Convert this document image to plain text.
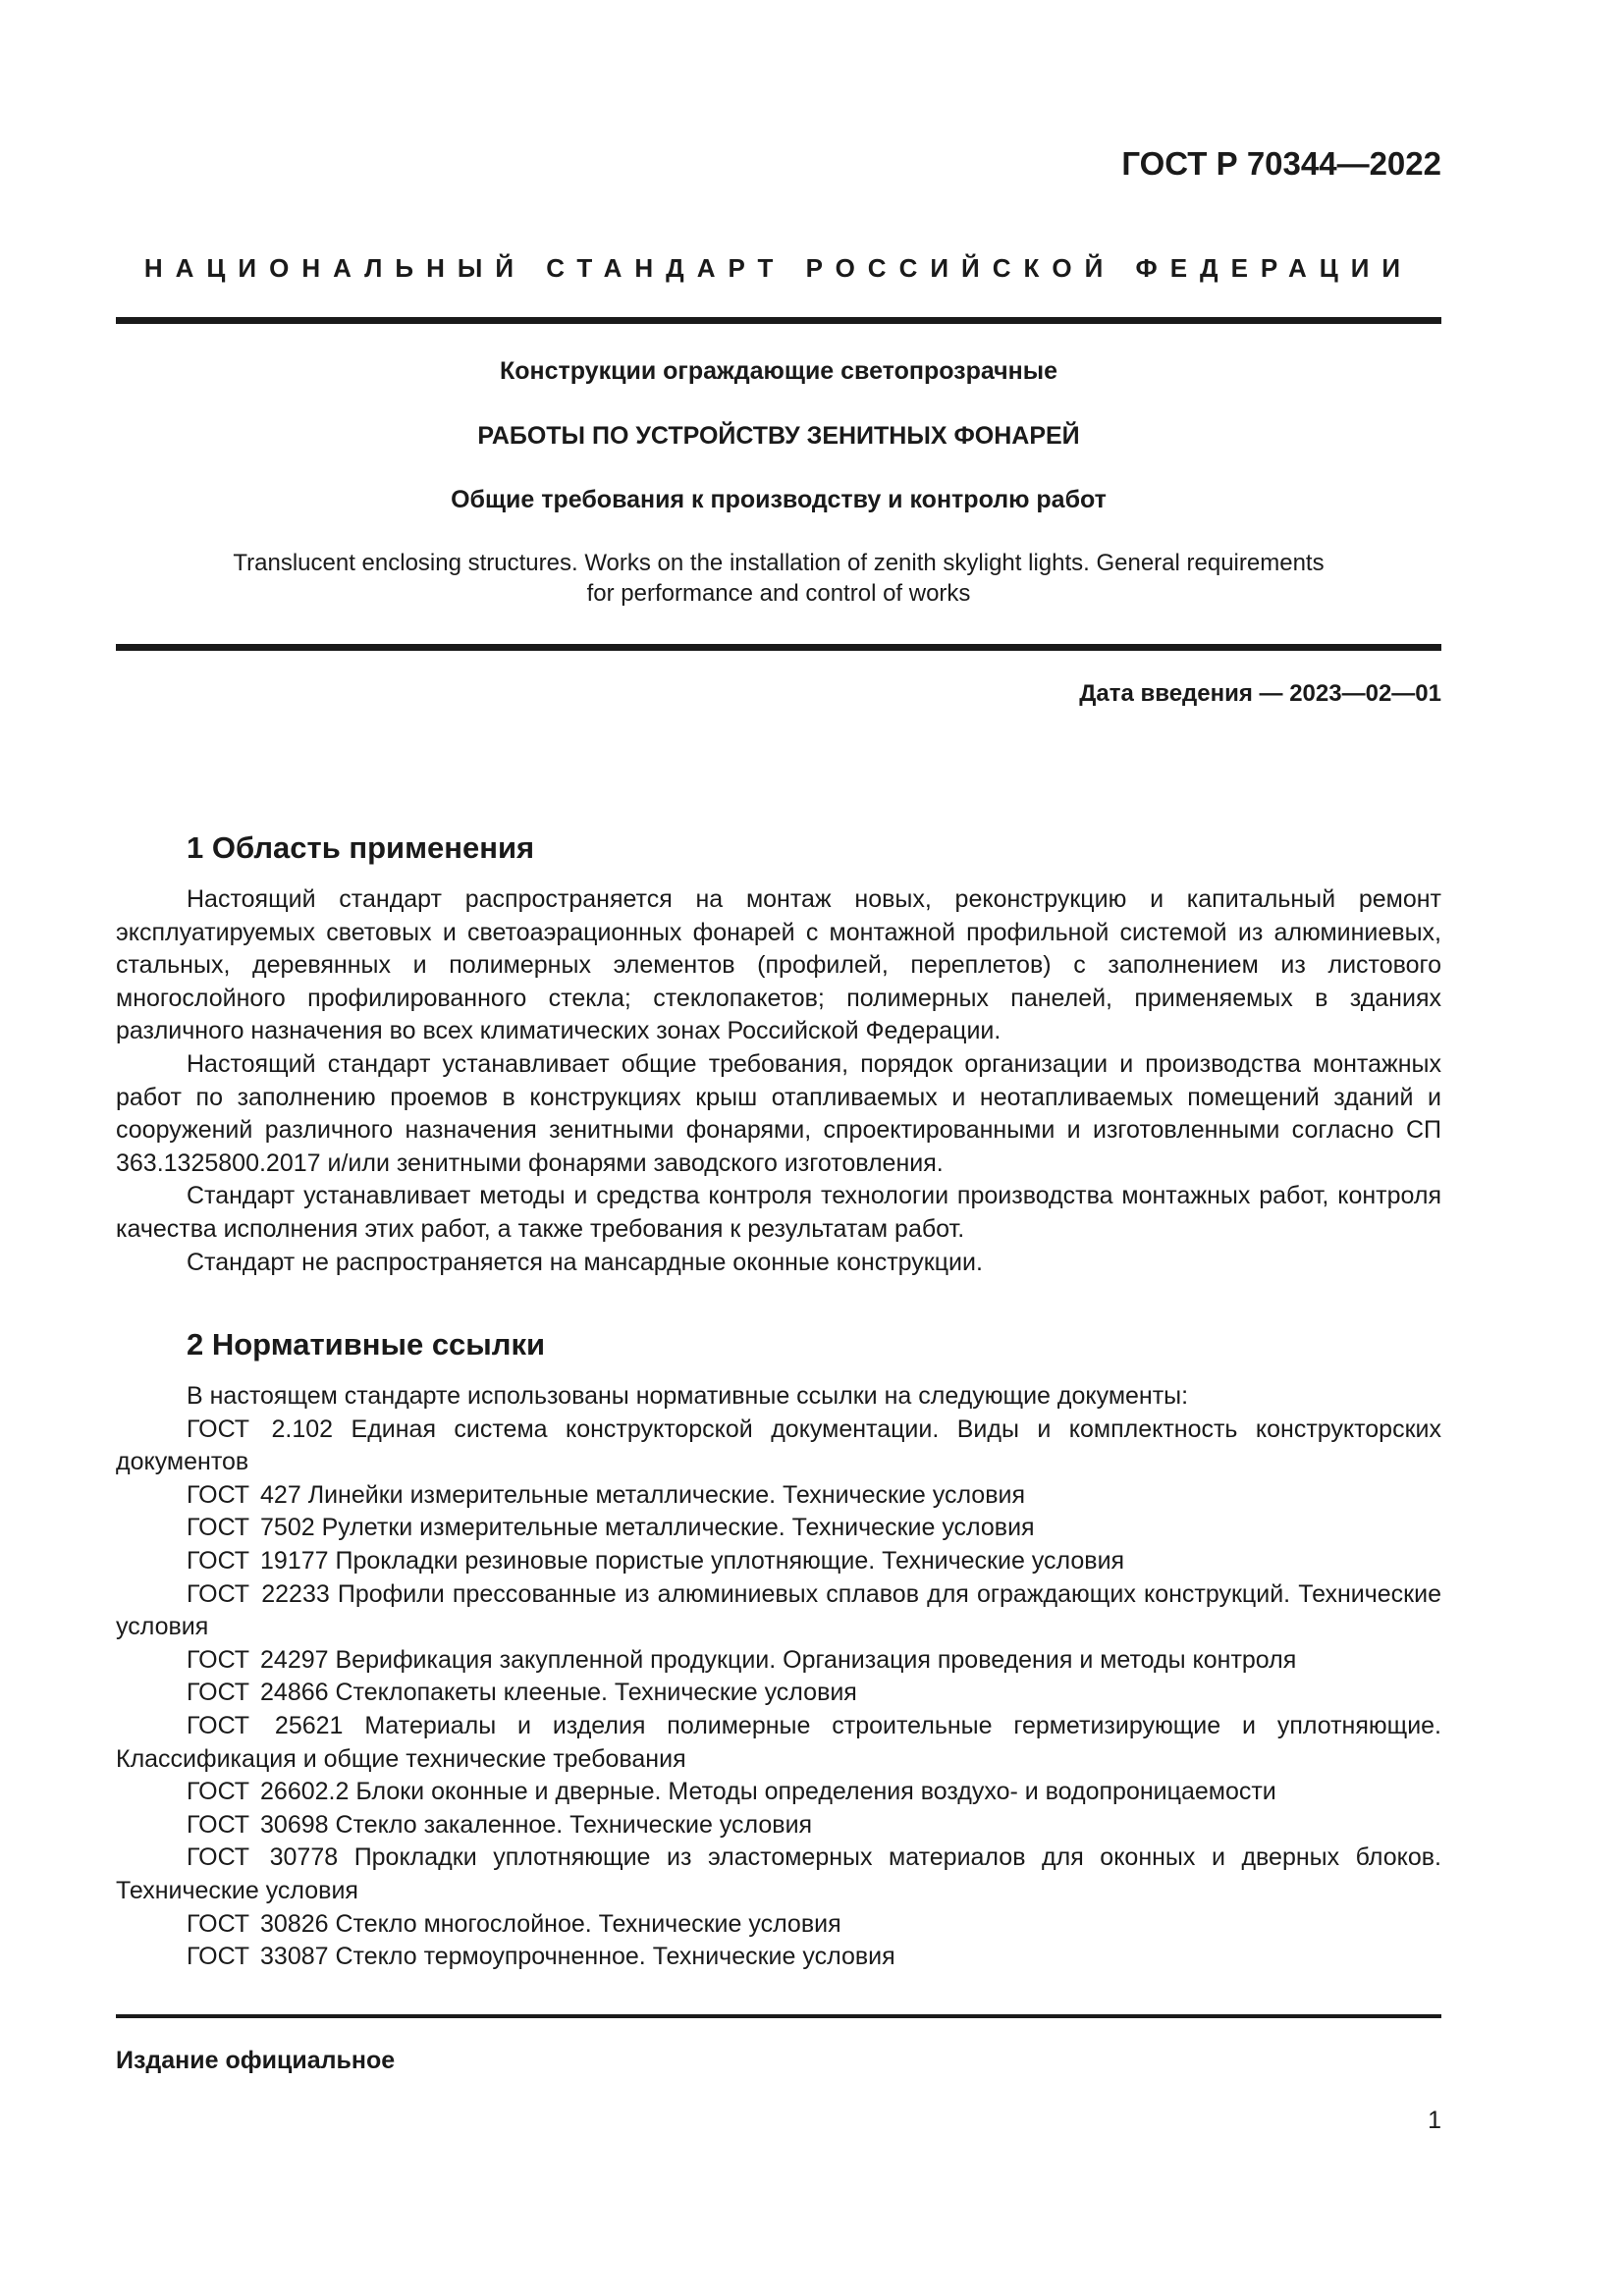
ГОСТ Р 70344—2022
НАЦИОНАЛЬНЫЙ СТАНДАРТ РОССИЙСКОЙ ФЕДЕРАЦИИ
Конструкции ограждающие светопрозрачные
РАБОТЫ ПО УСТРОЙСТВУ ЗЕНИТНЫХ ФОНАРЕЙ
Общие требования к производству и контролю работ
Translucent enclosing structures. Works on the installation of zenith skylight lights. General requirements
for performance and control of works
Дата введения — 2023—02—01
1 Область применения

Настоящий стандарт распространяется на монтаж новых, реконструкцию и капитальный ремонт эксплуатируемых световых и светоаэрационных фонарей с монтажной профильной системой из алюминиевых, стальных, деревянных и полимерных элементов (профилей, переплетов) с заполнением из листового многослойного профилированного стекла; стеклопакетов; полимерных панелей, применяемых в зданиях различного назначения во всех климатических зонах Российской Федерации.

Настоящий стандарт устанавливает общие требования, порядок организации и производства монтажных работ по заполнению проемов в конструкциях крыш отапливаемых и неотапливаемых помещений зданий и сооружений различного назначения зенитными фонарями, спроектированными и изготовленными согласно СП 363.1325800.2017 и/или зенитными фонарями заводского изготовления.

Стандарт устанавливает методы и средства контроля технологии производства монтажных работ, контроля качества исполнения этих работ, а также требования к результатам работ.

Стандарт не распространяется на мансардные оконные конструкции.

2 Нормативные ссылки

В настоящем стандарте использованы нормативные ссылки на следующие документы:

ГОСТ 2.102 Единая система конструкторской документации. Виды и комплектность конструкторских документов

ГОСТ 427 Линейки измерительные металлические. Технические условия

ГОСТ 7502 Рулетки измерительные металлические. Технические условия

ГОСТ 19177 Прокладки резиновые пористые уплотняющие. Технические условия

ГОСТ 22233 Профили прессованные из алюминиевых сплавов для ограждающих конструкций. Технические условия

ГОСТ 24297 Верификация закупленной продукции. Организация проведения и методы контроля

ГОСТ 24866 Стеклопакеты клееные. Технические условия

ГОСТ 25621 Материалы и изделия полимерные строительные герметизирующие и уплотняющие. Классификация и общие технические требования

ГОСТ 26602.2 Блоки оконные и дверные. Методы определения воздухо- и водопроницаемости

ГОСТ 30698 Стекло закаленное. Технические условия

ГОСТ 30778 Прокладки уплотняющие из эластомерных материалов для оконных и дверных блоков. Технические условия

ГОСТ 30826 Стекло многослойное. Технические условия

ГОСТ 33087 Стекло термоупрочненное. Технические условия

Издание официальное
1
